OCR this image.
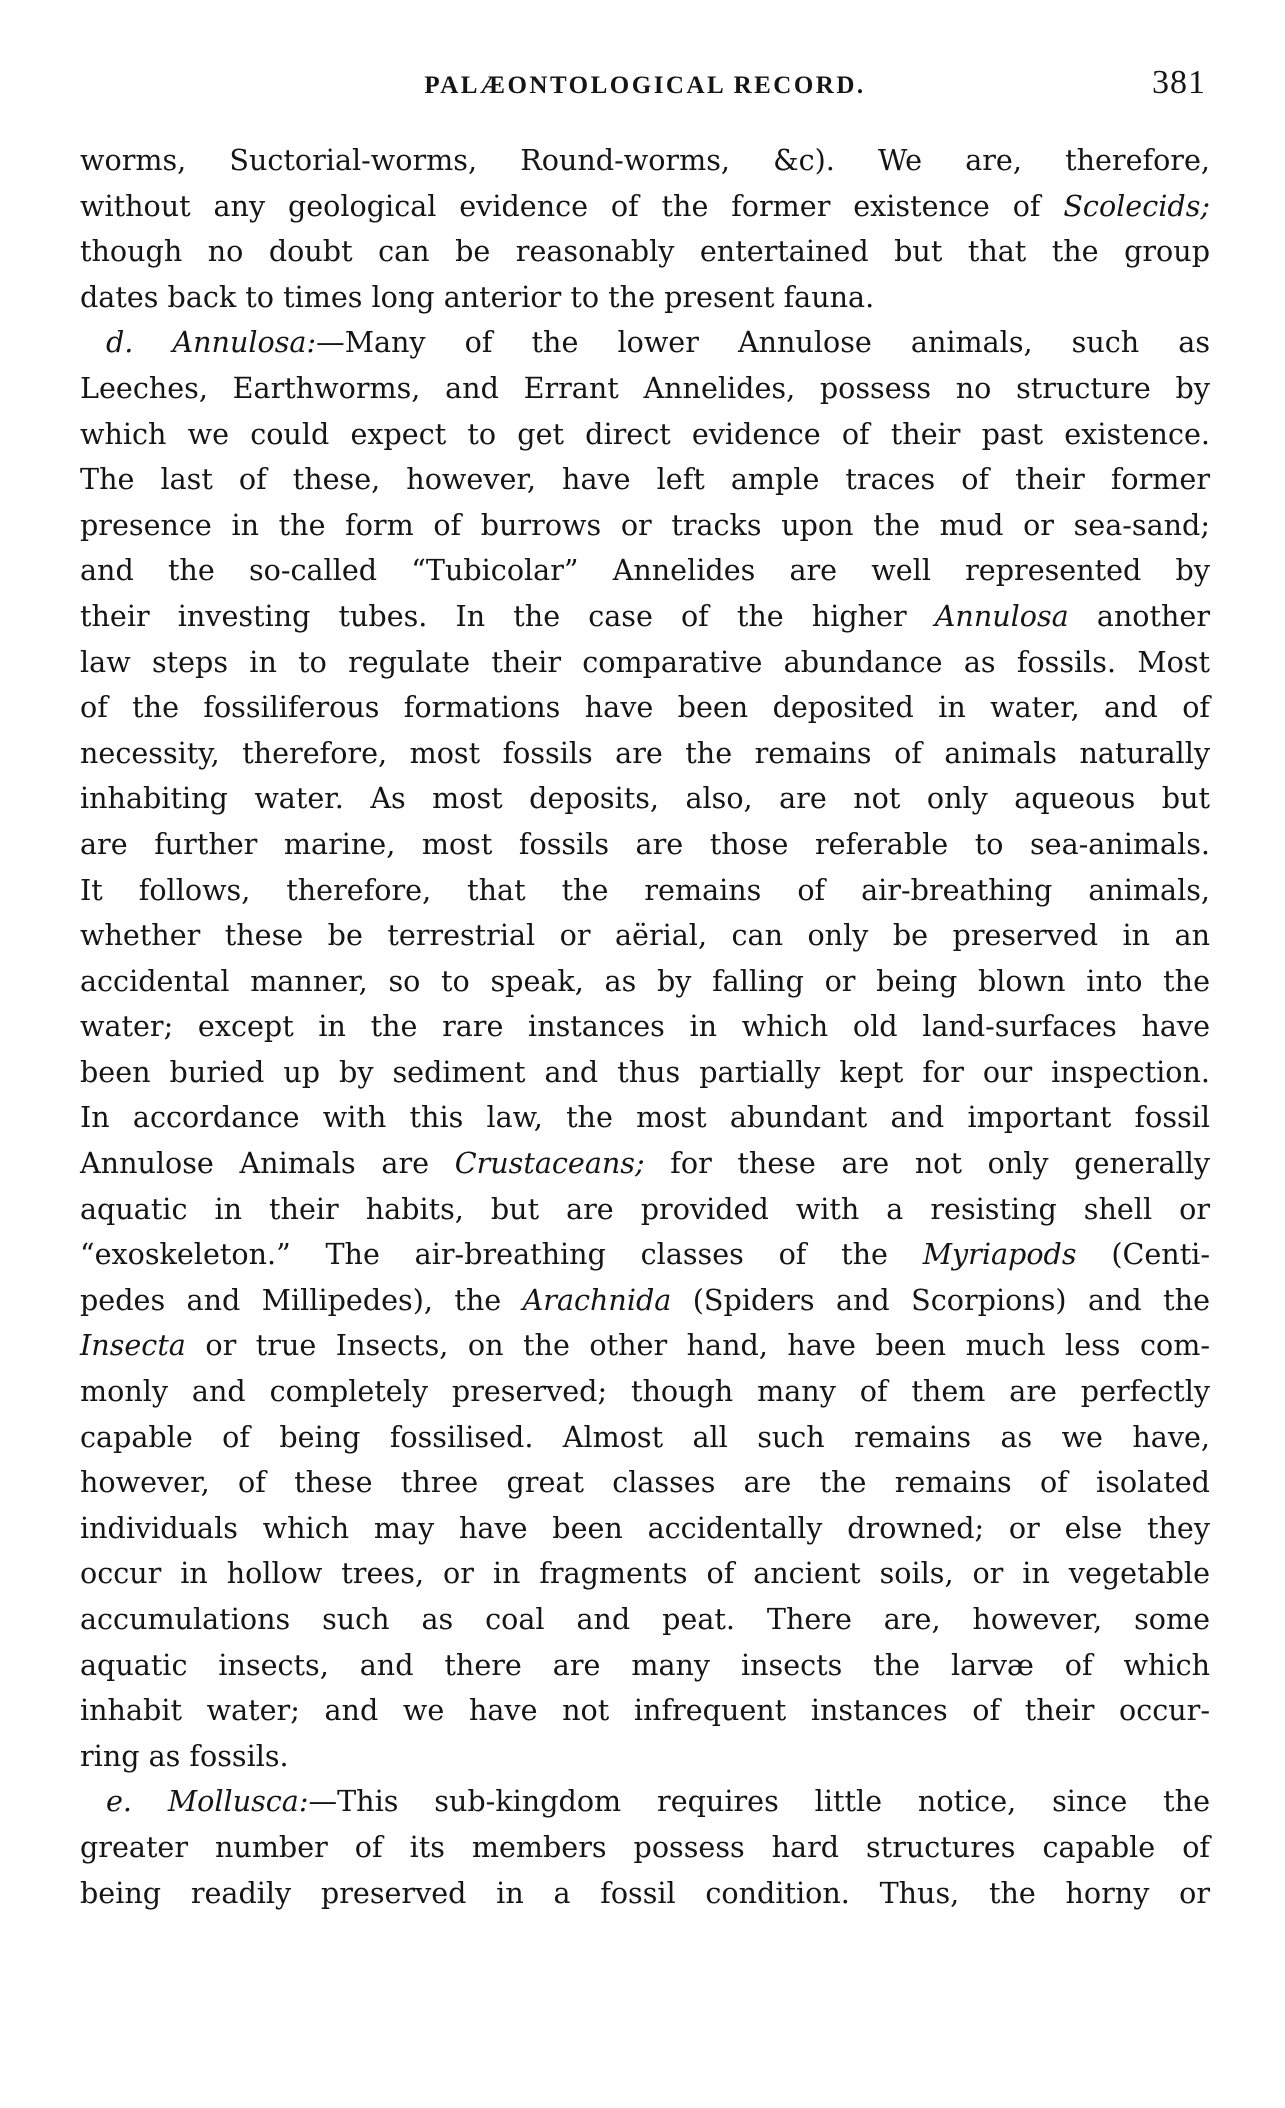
PALÆONTOLOGICAL RECORD.	381
worms, Suctorial-worms, Round-worms, &c). We are, therefore,
without any geological evidence of the former existence of Scolecids;
though no doubt can be reasonably entertained but that the group
dates back to times long anterior to the present fauna.
d. Annulosa:—Many of the lower Annulose animals, such as
Leeches, Earthworms, and Errant Annelides, possess no structure by
which we could expect to get direct evidence of their past existence.
The last of these, however, have left ample traces of their former
presence in the form of burrows or tracks upon the mud or sea-sand;
and the so-called “Tubicolar” Annelides are well represented by
their investing tubes. In the case of the higher Annulosa another
law steps in to regulate their comparative abundance as fossils. Most
of the fossiliferous formations have been deposited in water, and of
necessity, therefore, most fossils are the remains of animals naturally
inhabiting water. As most deposits, also, are not only aqueous but
are further marine, most fossils are those referable to sea-animals.
It follows, therefore, that the remains of air-breathing animals,
whether these be terrestrial or aërial, can only be preserved in an
accidental manner, so to speak, as by falling or being blown into the
water; except in the rare instances in which old land-surfaces have
been buried up by sediment and thus partially kept for our inspection.
In accordance with this law, the most abundant and important fossil
Annulose Animals are Crustaceans; for these are not only generally
aquatic in their habits, but are provided with a resisting shell or
“exoskeleton.” The air-breathing classes of the Myriapods (Centi-
pedes and Millipedes), the Arachnida (Spiders and Scorpions) and the
Insecta or true Insects, on the other hand, have been much less com-
monly and completely preserved; though many of them are perfectly
capable of being fossilised. Almost all such remains as we have,
however, of these three great classes are the remains of isolated
individuals which may have been accidentally drowned; or else they
occur in hollow trees, or in fragments of ancient soils, or in vegetable
accumulations such as coal and peat. There are, however, some
aquatic insects, and there are many insects the larvæ of which
inhabit water; and we have not infrequent instances of their occur-
ring as fossils.
e. Mollusca:—This sub-kingdom requires little notice, since the
greater number of its members possess hard structures capable of
being readily preserved in a fossil condition. Thus, the horny or
